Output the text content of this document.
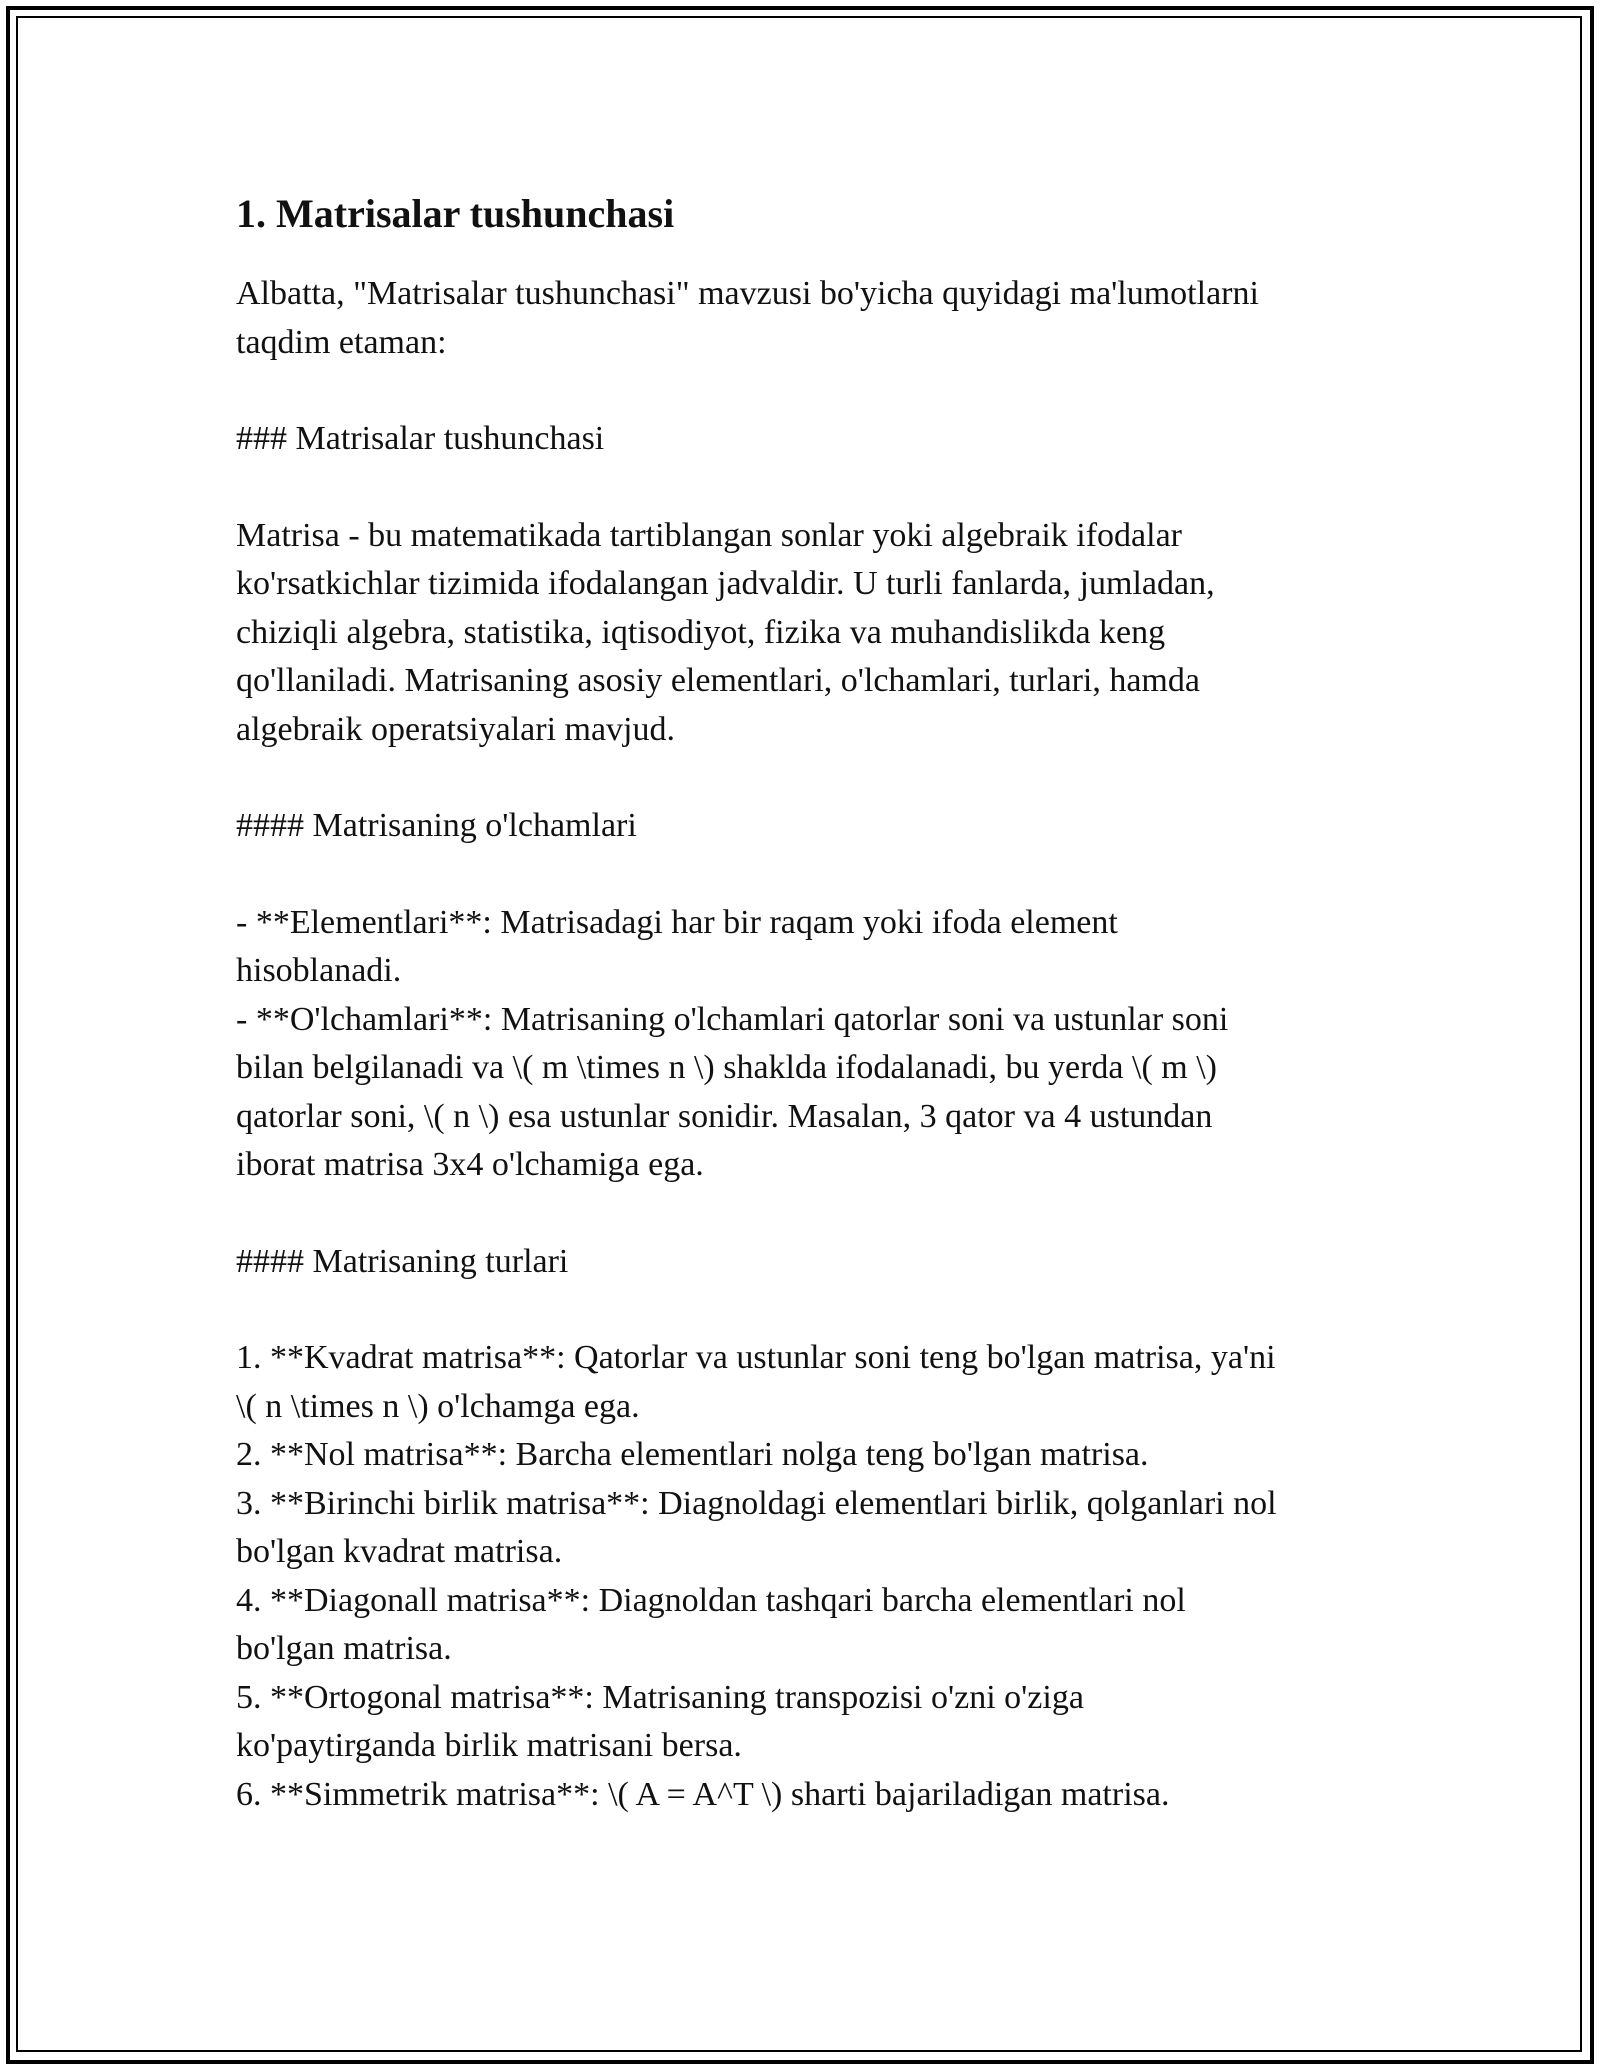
1. Matrisalar tushunchasi

Albatta, "Matrisalar tushunchasi" mavzusi bo'yicha quyidagi ma'lumotlarni
taqdim etaman:

### Matrisalar tushunchasi

Matrisa - bu matematikada tartiblangan sonlar yoki algebraik ifodalar
ko'rsatkichlar tizimida ifodalangan jadvaldir. U turli fanlarda, jumladan,
chiziqli algebra, statistika, iqtisodiyot, fizika va muhandislikda keng
qo'llaniladi. Matrisaning asosiy elementlari, o'lchamlari, turlari, hamda
algebraik operatsiyalari mavjud.

#### Matrisaning o'lchamlari

- **Elementlari**: Matrisadagi har bir raqam yoki ifoda element
hisoblanadi.
- **O'lchamlari**: Matrisaning o'lchamlari qatorlar soni va ustunlar soni
bilan belgilanadi va \( m \times n \) shaklda ifodalanadi, bu yerda \( m \)
qatorlar soni, \( n \) esa ustunlar sonidir. Masalan, 3 qator va 4 ustundan
iborat matrisa 3x4 o'lchamiga ega.

#### Matrisaning turlari

1. **Kvadrat matrisa**: Qatorlar va ustunlar soni teng bo'lgan matrisa, ya'ni
\( n \times n \) o'lchamga ega.
2. **Nol matrisa**: Barcha elementlari nolga teng bo'lgan matrisa.
3. **Birinchi birlik matrisa**: Diagnoldagi elementlari birlik, qolganlari nol
bo'lgan kvadrat matrisa.
4. **Diagonall matrisa**: Diagnoldan tashqari barcha elementlari nol
bo'lgan matrisa.
5. **Ortogonal matrisa**: Matrisaning transpozisi o'zni o'ziga
ko'paytirganda birlik matrisani bersa.
6. **Simmetrik matrisa**: \( A = A^T \) sharti bajariladigan matrisa.
